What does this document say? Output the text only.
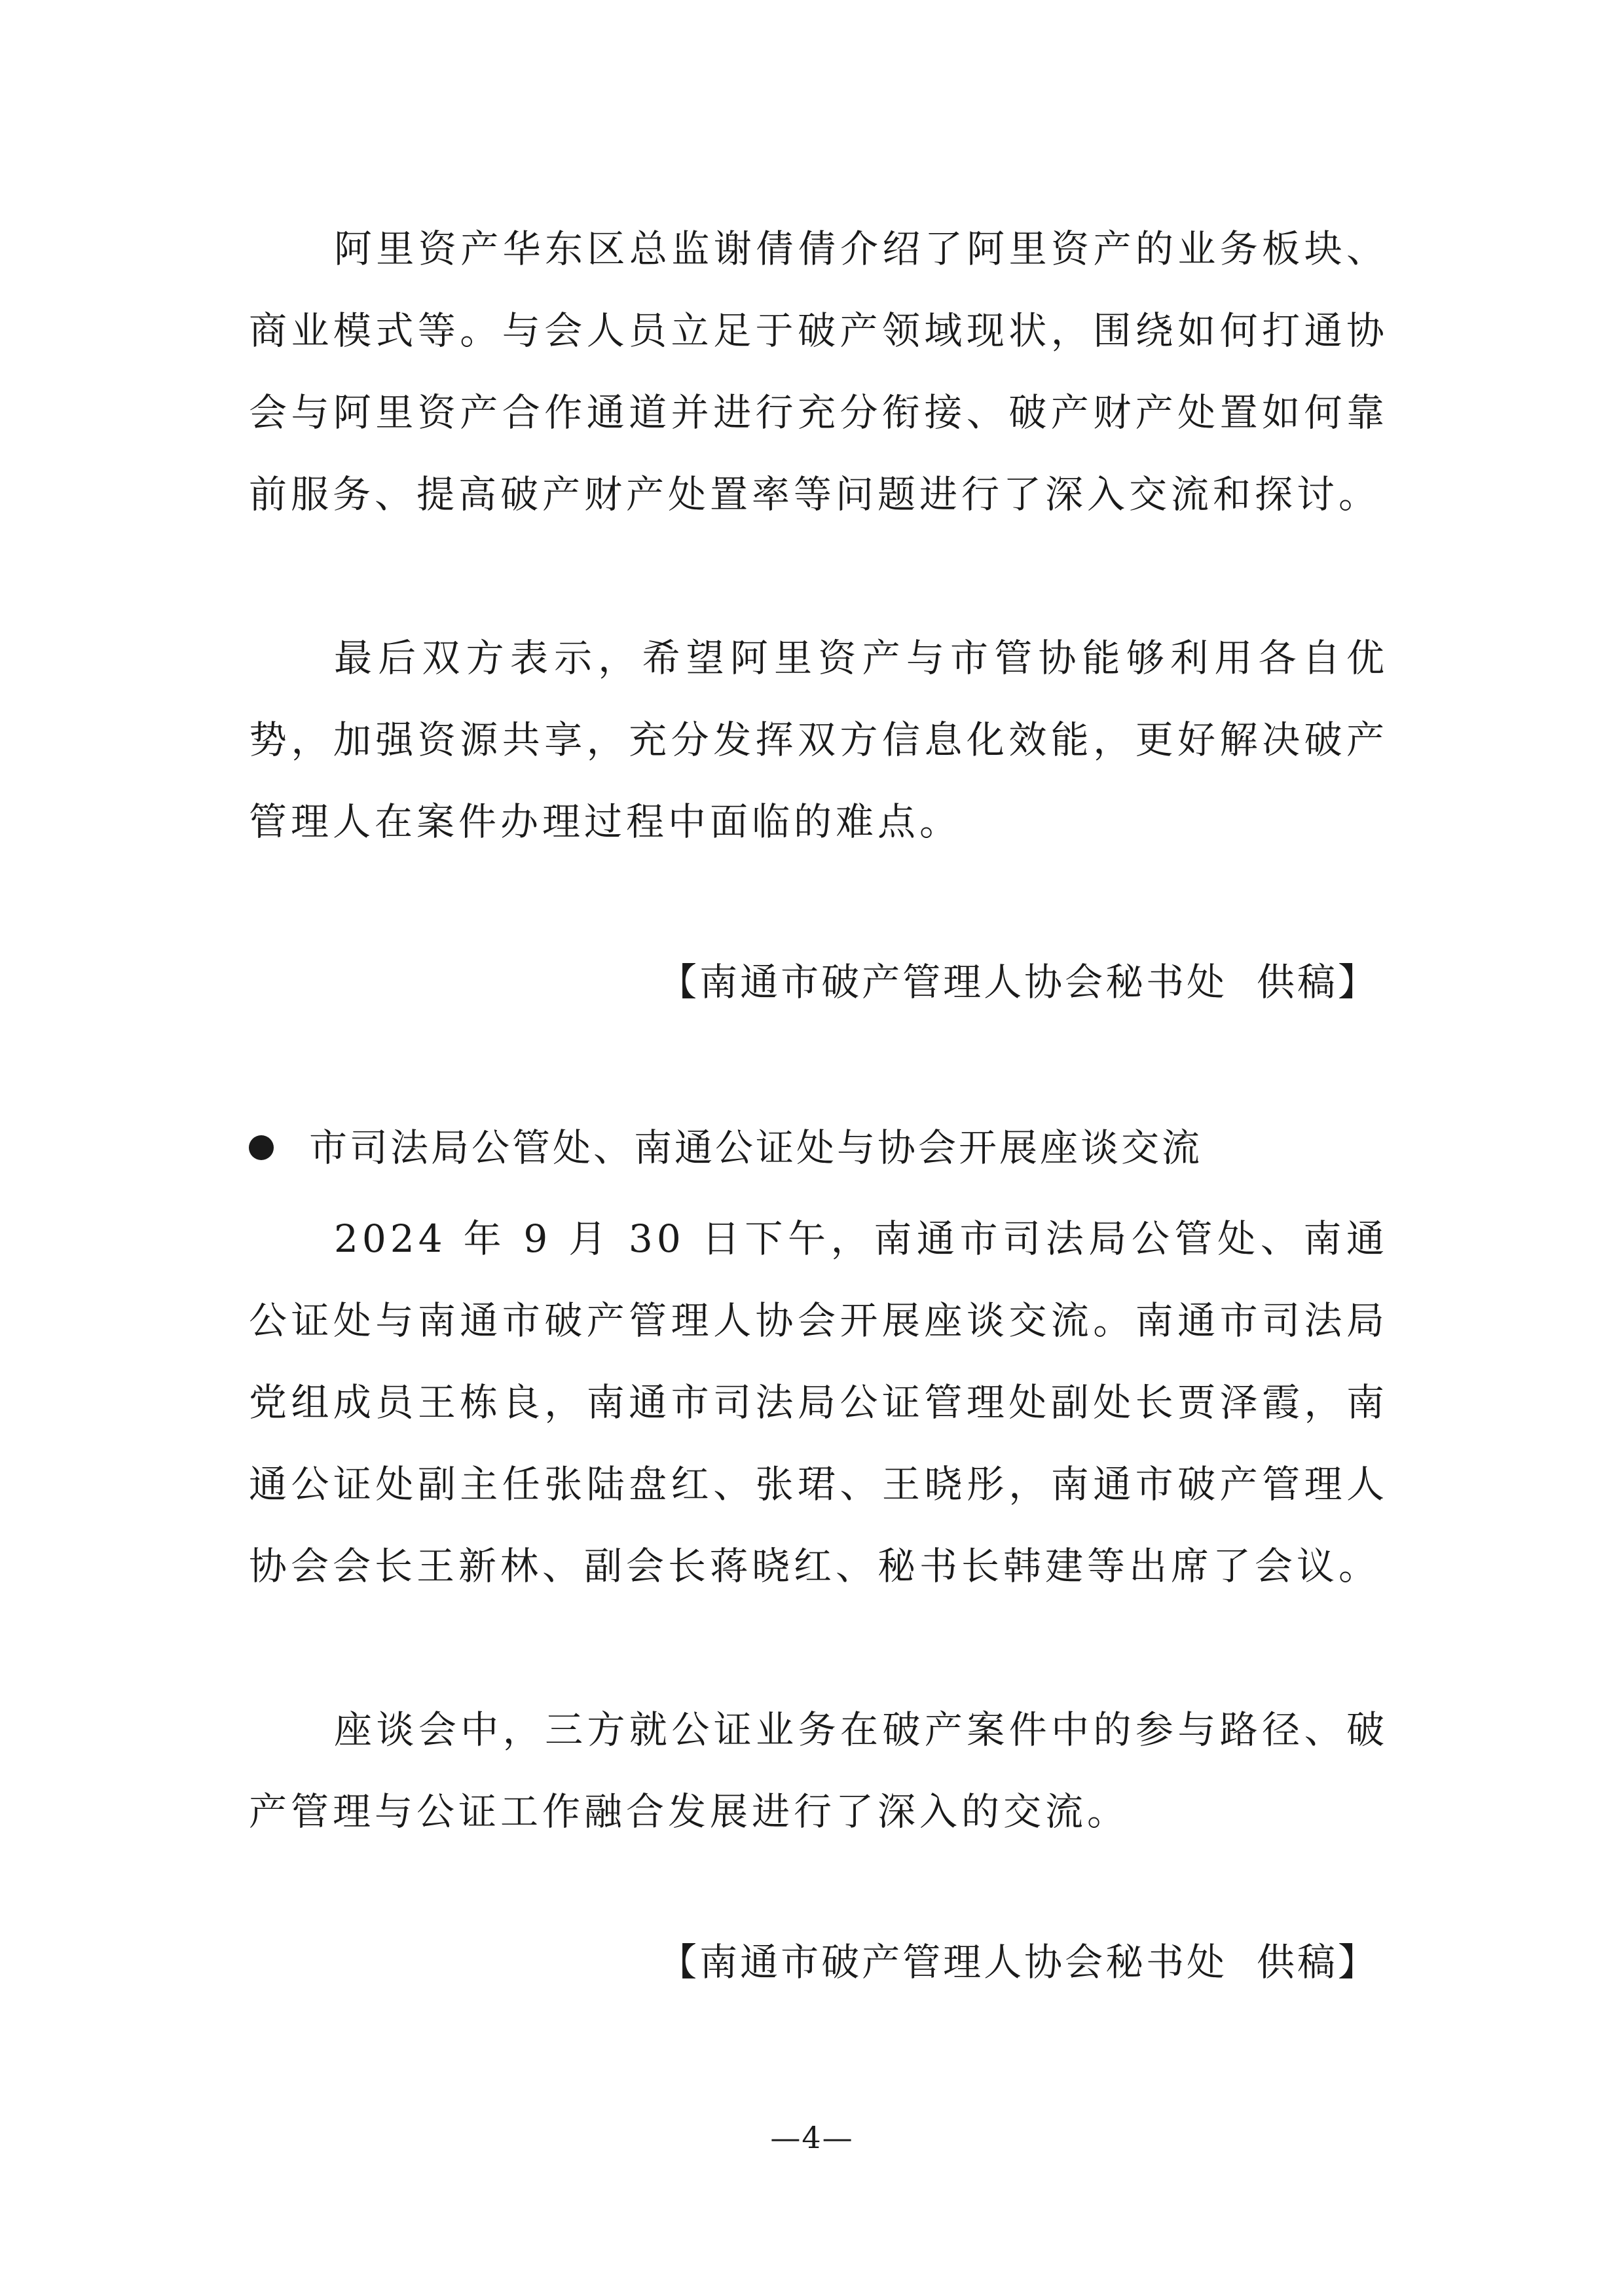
阿里资产华东区总监谢倩倩介绍了阿里资产的业务板块、商业模式等。与会人员立足于破产领域现状，围绕如何打通协会与阿里资产合作通道并进行充分衔接、破产财产处置如何靠前服务、提高破产财产处置率等问题进行了深入交流和探讨。

最后双方表示，希望阿里资产与市管协能够利用各自优势，加强资源共享，充分发挥双方信息化效能，更好解决破产管理人在案件办理过程中面临的难点。

【南通市破产管理人协会秘书处  供稿】

市司法局公管处、南通公证处与协会开展座谈交流

2024 年 9 月 30 日下午，南通市司法局公管处、南通公证处与南通市破产管理人协会开展座谈交流。南通市司法局党组成员王栋良，南通市司法局公证管理处副处长贾泽霞，南通公证处副主任张陆盘红、张珺、王晓彤，南通市破产管理人协会会长王新林、副会长蒋晓红、秘书长韩建等出席了会议。

座谈会中，三方就公证业务在破产案件中的参与路径、破产管理与公证工作融合发展进行了深入的交流。

【南通市破产管理人协会秘书处  供稿】

—4—
